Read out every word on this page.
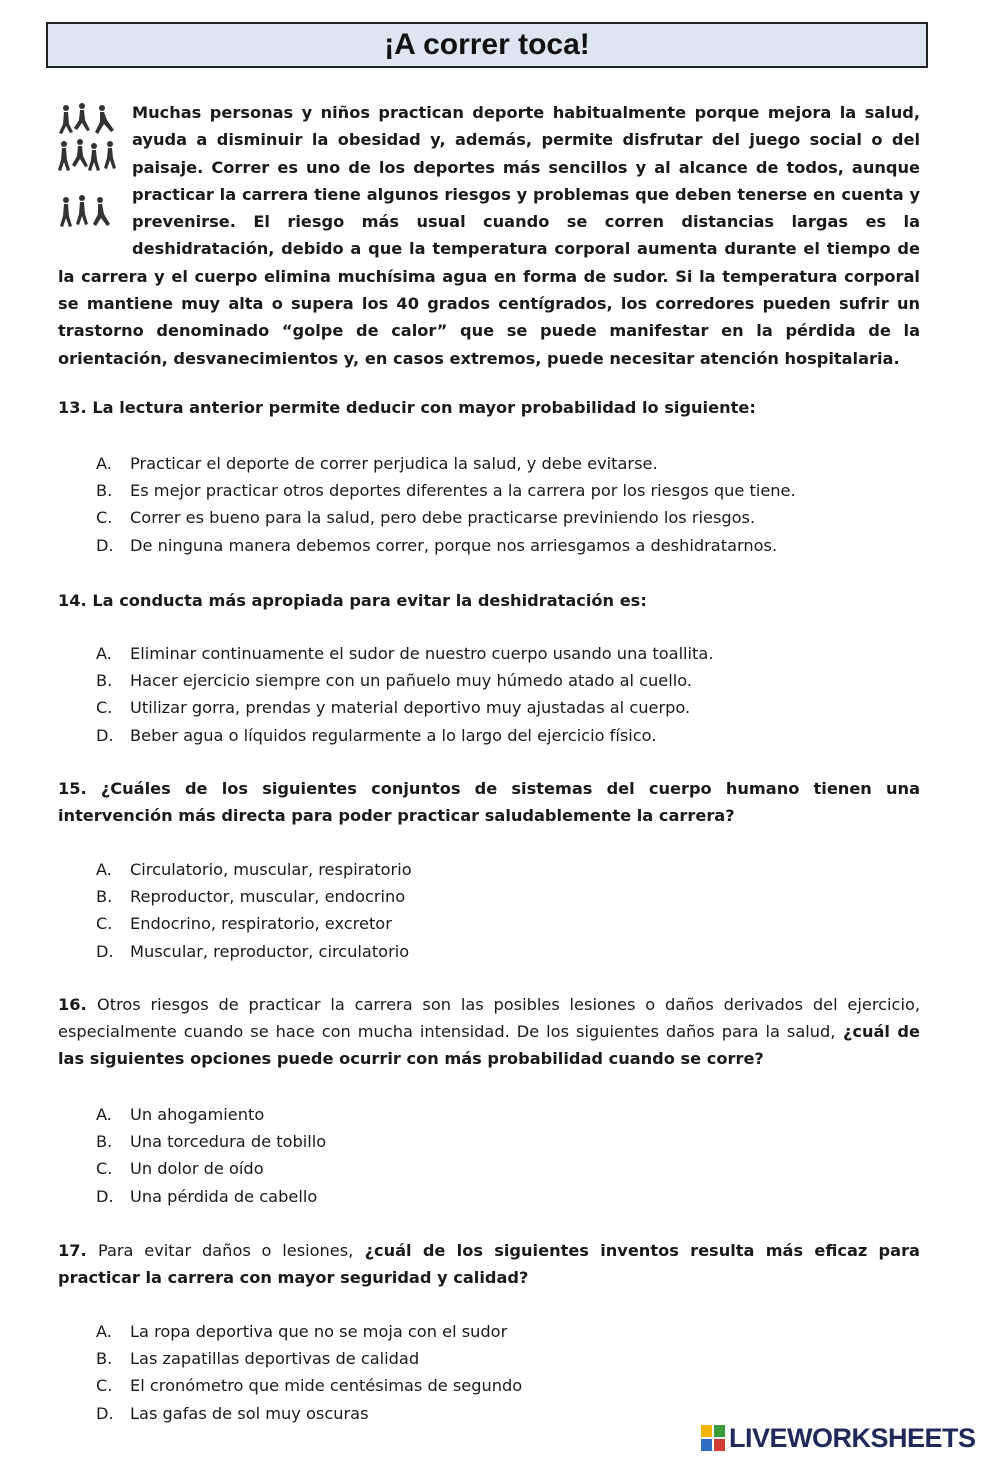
¡A correr toca!

Muchas personas y niños practican deporte habitualmente porque mejora la salud, ayuda a disminuir la obesidad y, además, permite disfrutar del juego social o del paisaje. Correr es uno de los deportes más sencillos y al alcance de todos, aunque practicar la carrera tiene algunos riesgos y problemas que deben tenerse en cuenta y prevenirse. El riesgo más usual cuando se corren distancias largas es la deshidratación, debido a que la temperatura corporal aumenta durante el tiempo de la carrera y el cuerpo elimina muchísima agua en forma de sudor. Si la temperatura corporal se mantiene muy alta o supera los 40 grados centígrados, los corredores pueden sufrir un trastorno denominado “golpe de calor” que se puede manifestar en la pérdida de la orientación, desvanecimientos y, en casos extremos, puede necesitar atención hospitalaria.

13. La lectura anterior permite deducir con mayor probabilidad lo siguiente:

A. Practicar el deporte de correr perjudica la salud, y debe evitarse.
B. Es mejor practicar otros deportes diferentes a la carrera por los riesgos que tiene.
C. Correr es bueno para la salud, pero debe practicarse previniendo los riesgos.
D. De ninguna manera debemos correr, porque nos arriesgamos a deshidratarnos.

14. La conducta más apropiada para evitar la deshidratación es:

A. Eliminar continuamente el sudor de nuestro cuerpo usando una toallita.
B. Hacer ejercicio siempre con un pañuelo muy húmedo atado al cuello.
C. Utilizar gorra, prendas y material deportivo muy ajustadas al cuerpo.
D. Beber agua o líquidos regularmente a lo largo del ejercicio físico.

15. ¿Cuáles de los siguientes conjuntos de sistemas del cuerpo humano tienen una intervención más directa para poder practicar saludablemente la carrera?

A. Circulatorio, muscular, respiratorio
B. Reproductor, muscular, endocrino
C. Endocrino, respiratorio, excretor
D. Muscular, reproductor, circulatorio

16. Otros riesgos de practicar la carrera son las posibles lesiones o daños derivados del ejercicio, especialmente cuando se hace con mucha intensidad. De los siguientes daños para la salud, ¿cuál de las siguientes opciones puede ocurrir con más probabilidad cuando se corre?

A. Un ahogamiento
B. Una torcedura de tobillo
C. Un dolor de oído
D. Una pérdida de cabello

17. Para evitar daños o lesiones, ¿cuál de los siguientes inventos resulta más eficaz para practicar la carrera con mayor seguridad y calidad?

A. La ropa deportiva que no se moja con el sudor
B. Las zapatillas deportivas de calidad
C. El cronómetro que mide centésimas de segundo
D. Las gafas de sol muy oscuras
LIVEWORKSHEETS
